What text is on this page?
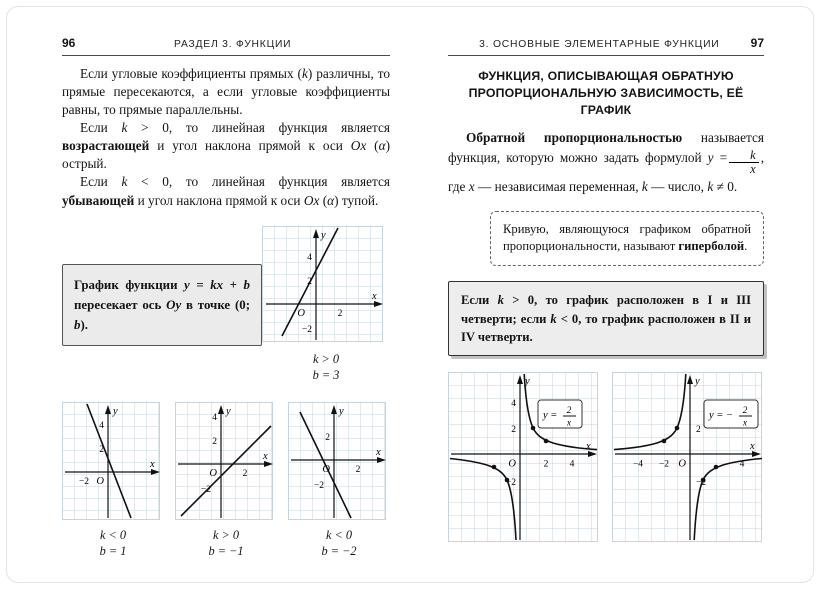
96	РАЗДЕЛ 3. ФУНКЦИИ

Если угловые коэффициенты прямых (k) различны, то прямые пересекаются, а если угловые коэффициенты равны, то прямые параллельны.

Если k > 0, то линейная функция является возрастающей и угол наклона прямой к оси Ox (α) острый.

Если k < 0, то линейная функция является убывающей и угол наклона прямой к оси Ox (α) тупой.

График функции y = kx + b пересекает ось Oy в точке (0; b).
y
x
O
4
2
−2
2
k > 0
b = 3
y
x
O
4
2
−2
k < 0
b = 1
y
x
O
4
2
2
−2
k > 0
b = −1
y
x
O
2
2
−2
k < 0
b = −2
3. ОСНОВНЫЕ ЭЛЕМЕНТАРНЫЕ ФУНКЦИИ	97
ФУНКЦИЯ, ОПИСЫВАЮЩАЯ ОБРАТНУЮ ПРОПОРЦИОНАЛЬНУЮ ЗАВИСИМОСТЬ, ЕЁ ГРАФИК

Обратной пропорциональностью называется функция, которую можно задать формулой $y = \frac{k}{x}$ , где x — независимая переменная, k — число, k ≠ 0.

Кривую, являющуюся графиком обратной пропорциональности, называют гиперболой.
Если k > 0, то график расположен в I и III четверти; если k < 0, то график расположен в II и IV четверти.
y = 2
x
y
x
O
4
2
−2
2 4
y = − 2
x
y
x
O
2
−2
−4 −2	4
